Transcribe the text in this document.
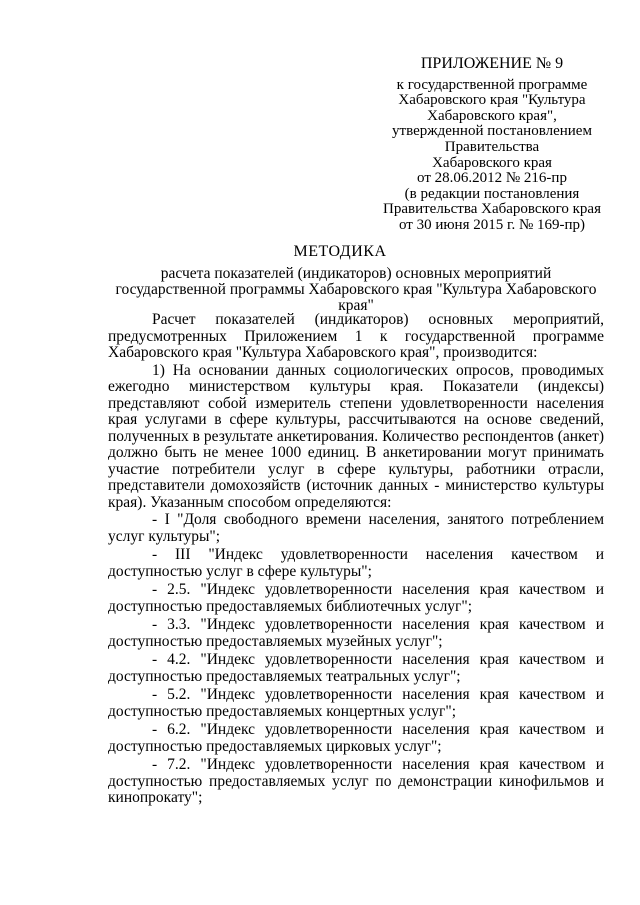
ПРИЛОЖЕНИЕ № 9
к государственной программе
Хабаровского края "Культура
Хабаровского края",
утвержденной постановлением
Правительства
Хабаровского края
от 28.06.2012 № 216-пр
(в редакции постановления
Правительства Хабаровского края
от 30 июня 2015 г. № 169-пр)
МЕТОДИКА
расчета показателей (индикаторов) основных мероприятий государственной программы Хабаровского края "Культура Хабаровского края"

Расчет показателей (индикаторов) основных мероприятий, предусмотренных Приложением 1 к государственной программе Хабаровского края "Культура Хабаровского края", производится:

1) На основании данных социологических опросов, проводимых ежегодно министерством культуры края. Показатели (индексы) представляют собой измеритель степени удовлетворенности населения края услугами в сфере культуры, рассчитываются на основе сведений, полученных в результате анкетирования. Количество респондентов (анкет) должно быть не менее 1000 единиц. В анкетировании могут принимать участие потребители услуг в сфере культуры, работники отрасли, представители домохозяйств (источник данных - министерство культуры края). Указанным способом определяются:

- I "Доля свободного времени населения, занятого потреблением услуг культуры";

- III "Индекс удовлетворенности населения качеством и доступностью услуг в сфере культуры";

- 2.5. "Индекс удовлетворенности населения края качеством и доступностью предоставляемых библиотечных услуг";

- 3.3. "Индекс удовлетворенности населения края качеством и доступностью предоставляемых музейных услуг";

- 4.2. "Индекс удовлетворенности населения края качеством и доступностью предоставляемых театральных услуг";

- 5.2. "Индекс удовлетворенности населения края качеством и доступностью предоставляемых концертных услуг";

- 6.2. "Индекс удовлетворенности населения края качеством и доступностью предоставляемых цирковых услуг";

- 7.2. "Индекс удовлетворенности населения края качеством и доступностью предоставляемых услуг по демонстрации кинофильмов и кинопрокату";
